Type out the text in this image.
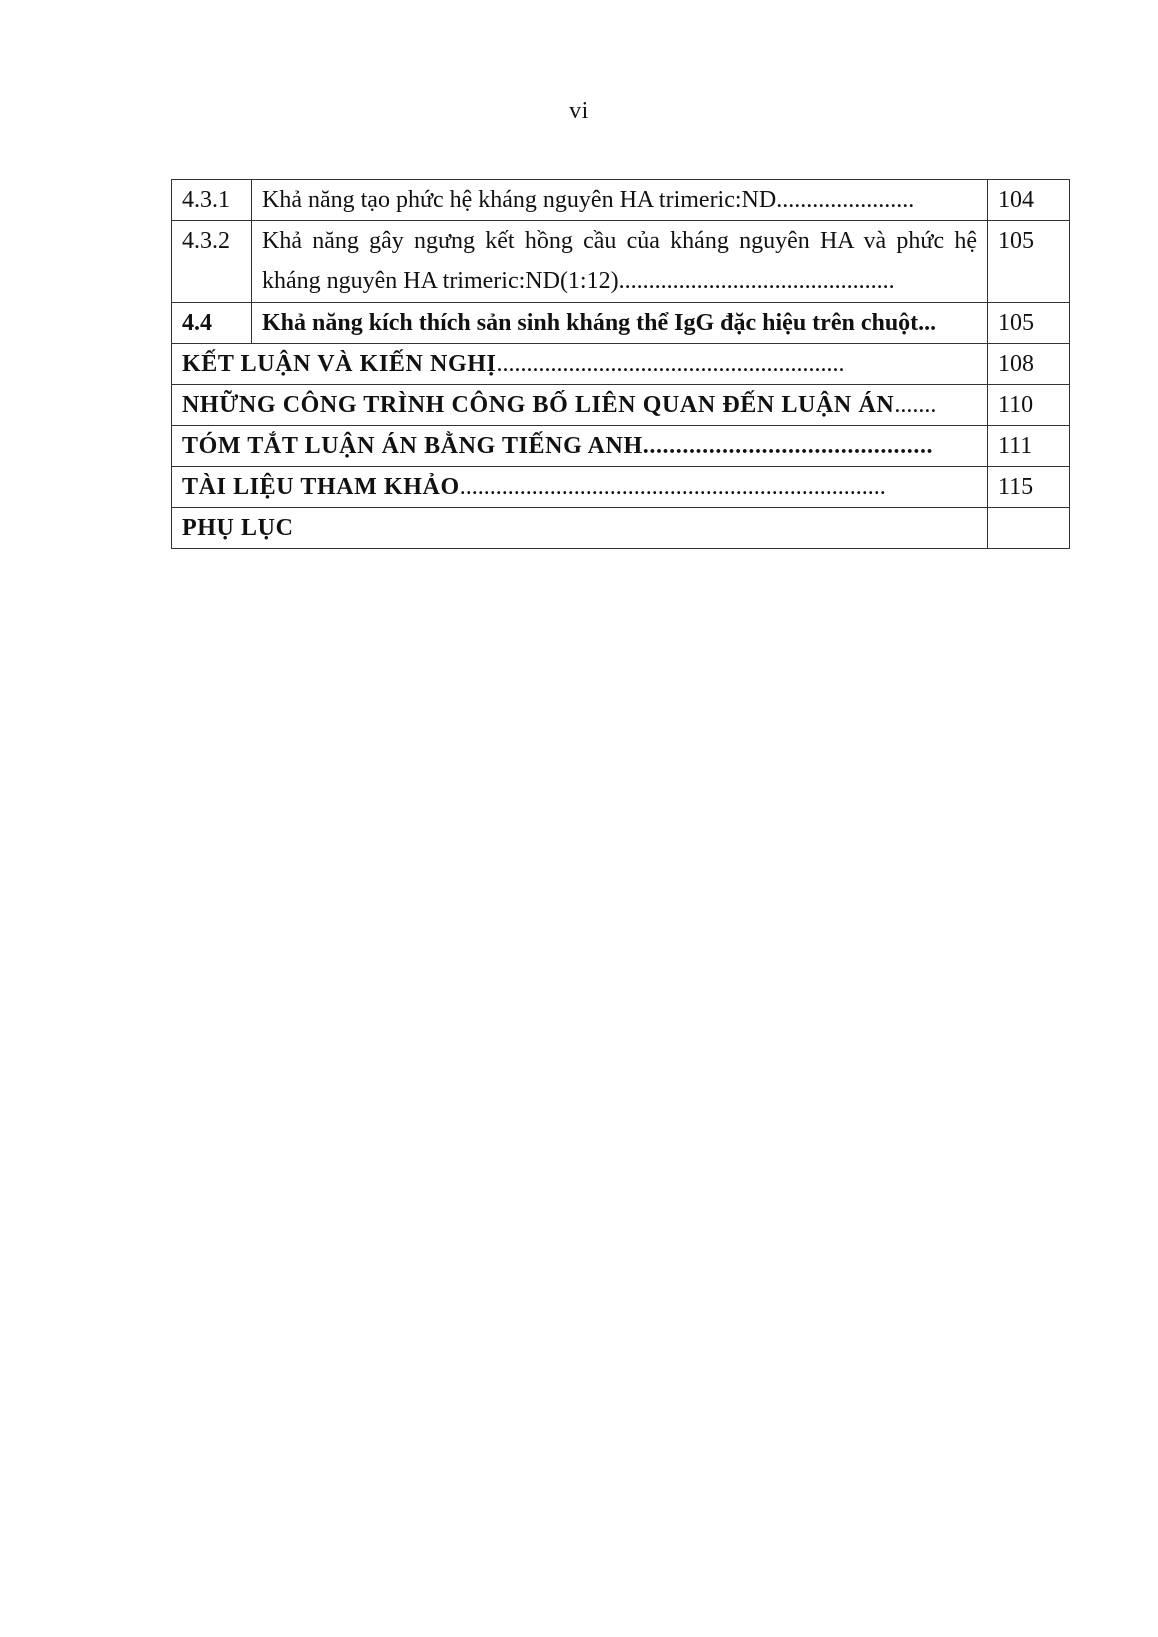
vi
4.3.1	Khả năng tạo phức hệ kháng nguyên HA trimeric:ND.......................	104
4.3.2	Khả năng gây ngưng kết hồng cầu của kháng nguyên HA và phức hệ
kháng nguyên HA trimeric:ND(1:12)..............................................	105
4.4	Khả năng kích thích sản sinh kháng thể IgG đặc hiệu trên chuột...	105
KẾT LUẬN VÀ KIẾN NGHỊ..........................................................		108
NHỮNG CÔNG TRÌNH CÔNG BỐ LIÊN QUAN ĐẾN LUẬN ÁN.......		110
TÓM TẮT LUẬN ÁN BẰNG TIẾNG ANH............................................		111
TÀI LIỆU THAM KHẢO.......................................................................		115
PHỤ LỤC		
